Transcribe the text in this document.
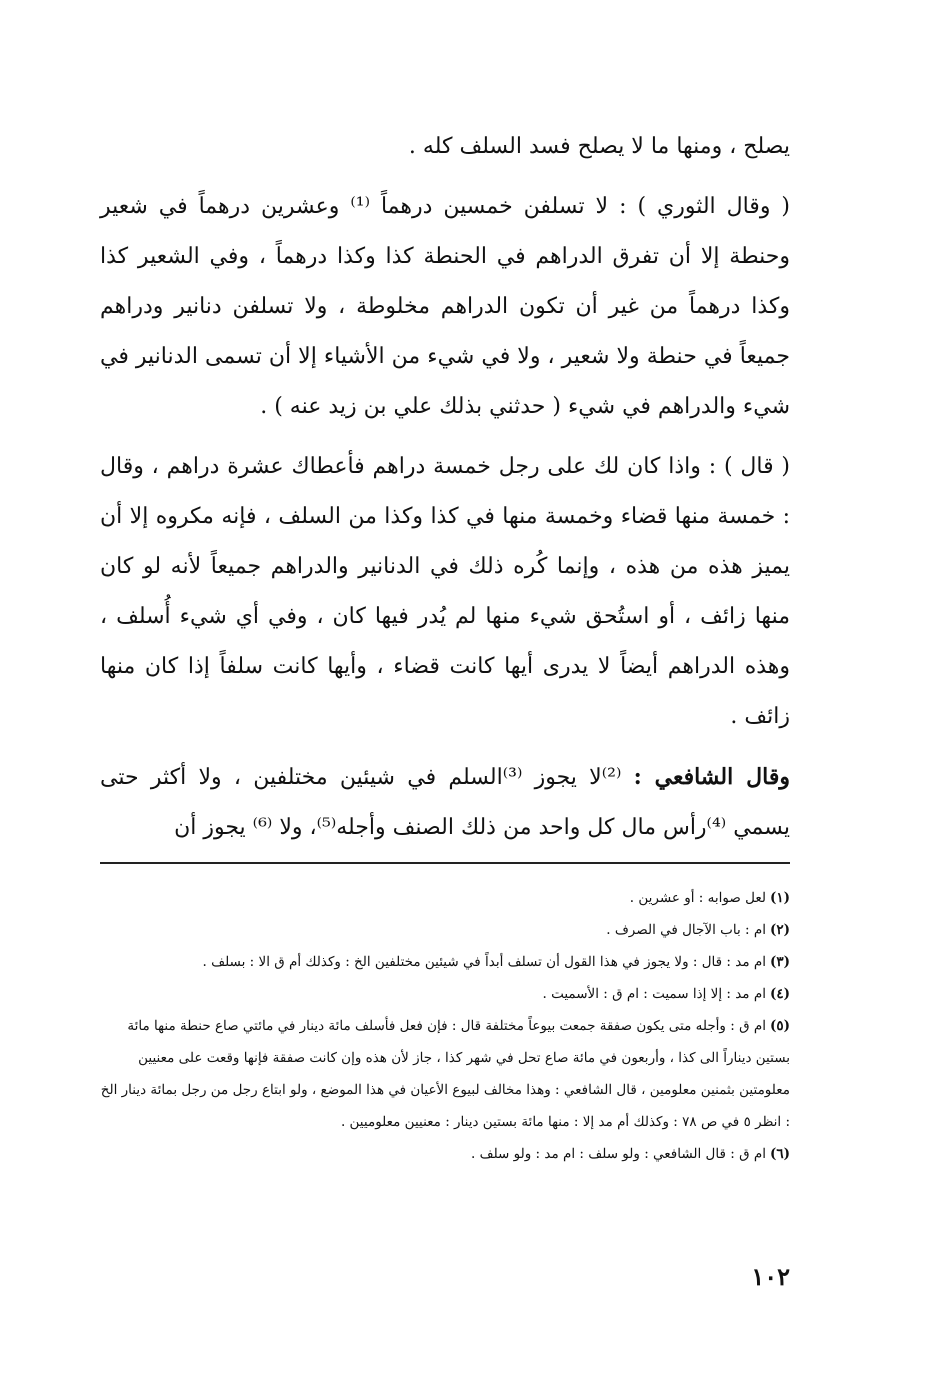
يصلح ، ومنها ما لا يصلح فسد السلف كله .

( وقال الثوري ) : لا تسلفن خمسين درهماً ⁽¹⁾ وعشرين درهماً في شعير وحنطة إلا أن تفرق الدراهم في الحنطة كذا وكذا درهماً ، وفي الشعير كذا وكذا درهماً من غير أن تكون الدراهم مخلوطة ، ولا تسلفن دنانير ودراهم جميعاً في حنطة ولا شعير ، ولا في شيء من الأشياء إلا أن تسمى الدنانير في شيء والدراهم في شيء ( حدثني بذلك علي بن زيد عنه ) .

( قال ) : واذا كان لك على رجل خمسة دراهم فأعطاك عشرة دراهم ، وقال : خمسة منها قضاء وخمسة منها في كذا وكذا من السلف ، فإنه مكروه إلا أن يميز هذه من هذه ، وإنما كُره ذلك في الدنانير والدراهم جميعاً لأنه لو كان منها زائف ، أو استُحق شيء منها لم يُدر فيها كان ، وفي أي شيء أُسلف ، وهذه الدراهم أيضاً لا يدرى أيها كانت قضاء ، وأيها كانت سلفاً إذا كان منها زائف .

وقال الشافعي : ⁽²⁾لا يجوز ⁽³⁾السلم في شيئين مختلفين ، ولا أكثر حتى يسمي ⁽⁴⁾رأس مال كل واحد من ذلك الصنف وأجله⁽⁵⁾، ولا ⁽⁶⁾ يجوز أن

(١)لعل صوابه : أو عشرين .

(٢)ام : باب الآجال في الصرف .

(٣)ام مد : قال : ولا يجوز في هذا القول أن تسلف أبداً في شيئين مختلفين الخ : وكذلك أم ق الا : بسلف .

(٤)ام مد : إلا إذا سميت : ام ق : الأسميت .

(٥)ام ق : وأجله متى يكون صفقة جمعت بيوعاً مختلفة قال : فإن فعل فأسلف مائة دينار في مائتي صاع حنطة منها مائة بستين ديناراً الى كذا ، وأربعون في مائة صاع تحل في شهر كذا ، جاز لأن هذه وإن كانت صفقة فإنها وقعت على معنيين معلومتين بثمنين معلومين ، قال الشافعي : وهذا مخالف لبيوع الأعيان في هذا الموضع ، ولو ابتاع رجل من رجل بمائة دينار الخ : انظر ٥ في ص ٧٨ : وكذلك أم مد إلا : منها مائة بستين دينار : معنيين معلوميين .

(٦)ام ق : قال الشافعي : ولو سلف : ام مد : ولو سلف .

١٠٢
